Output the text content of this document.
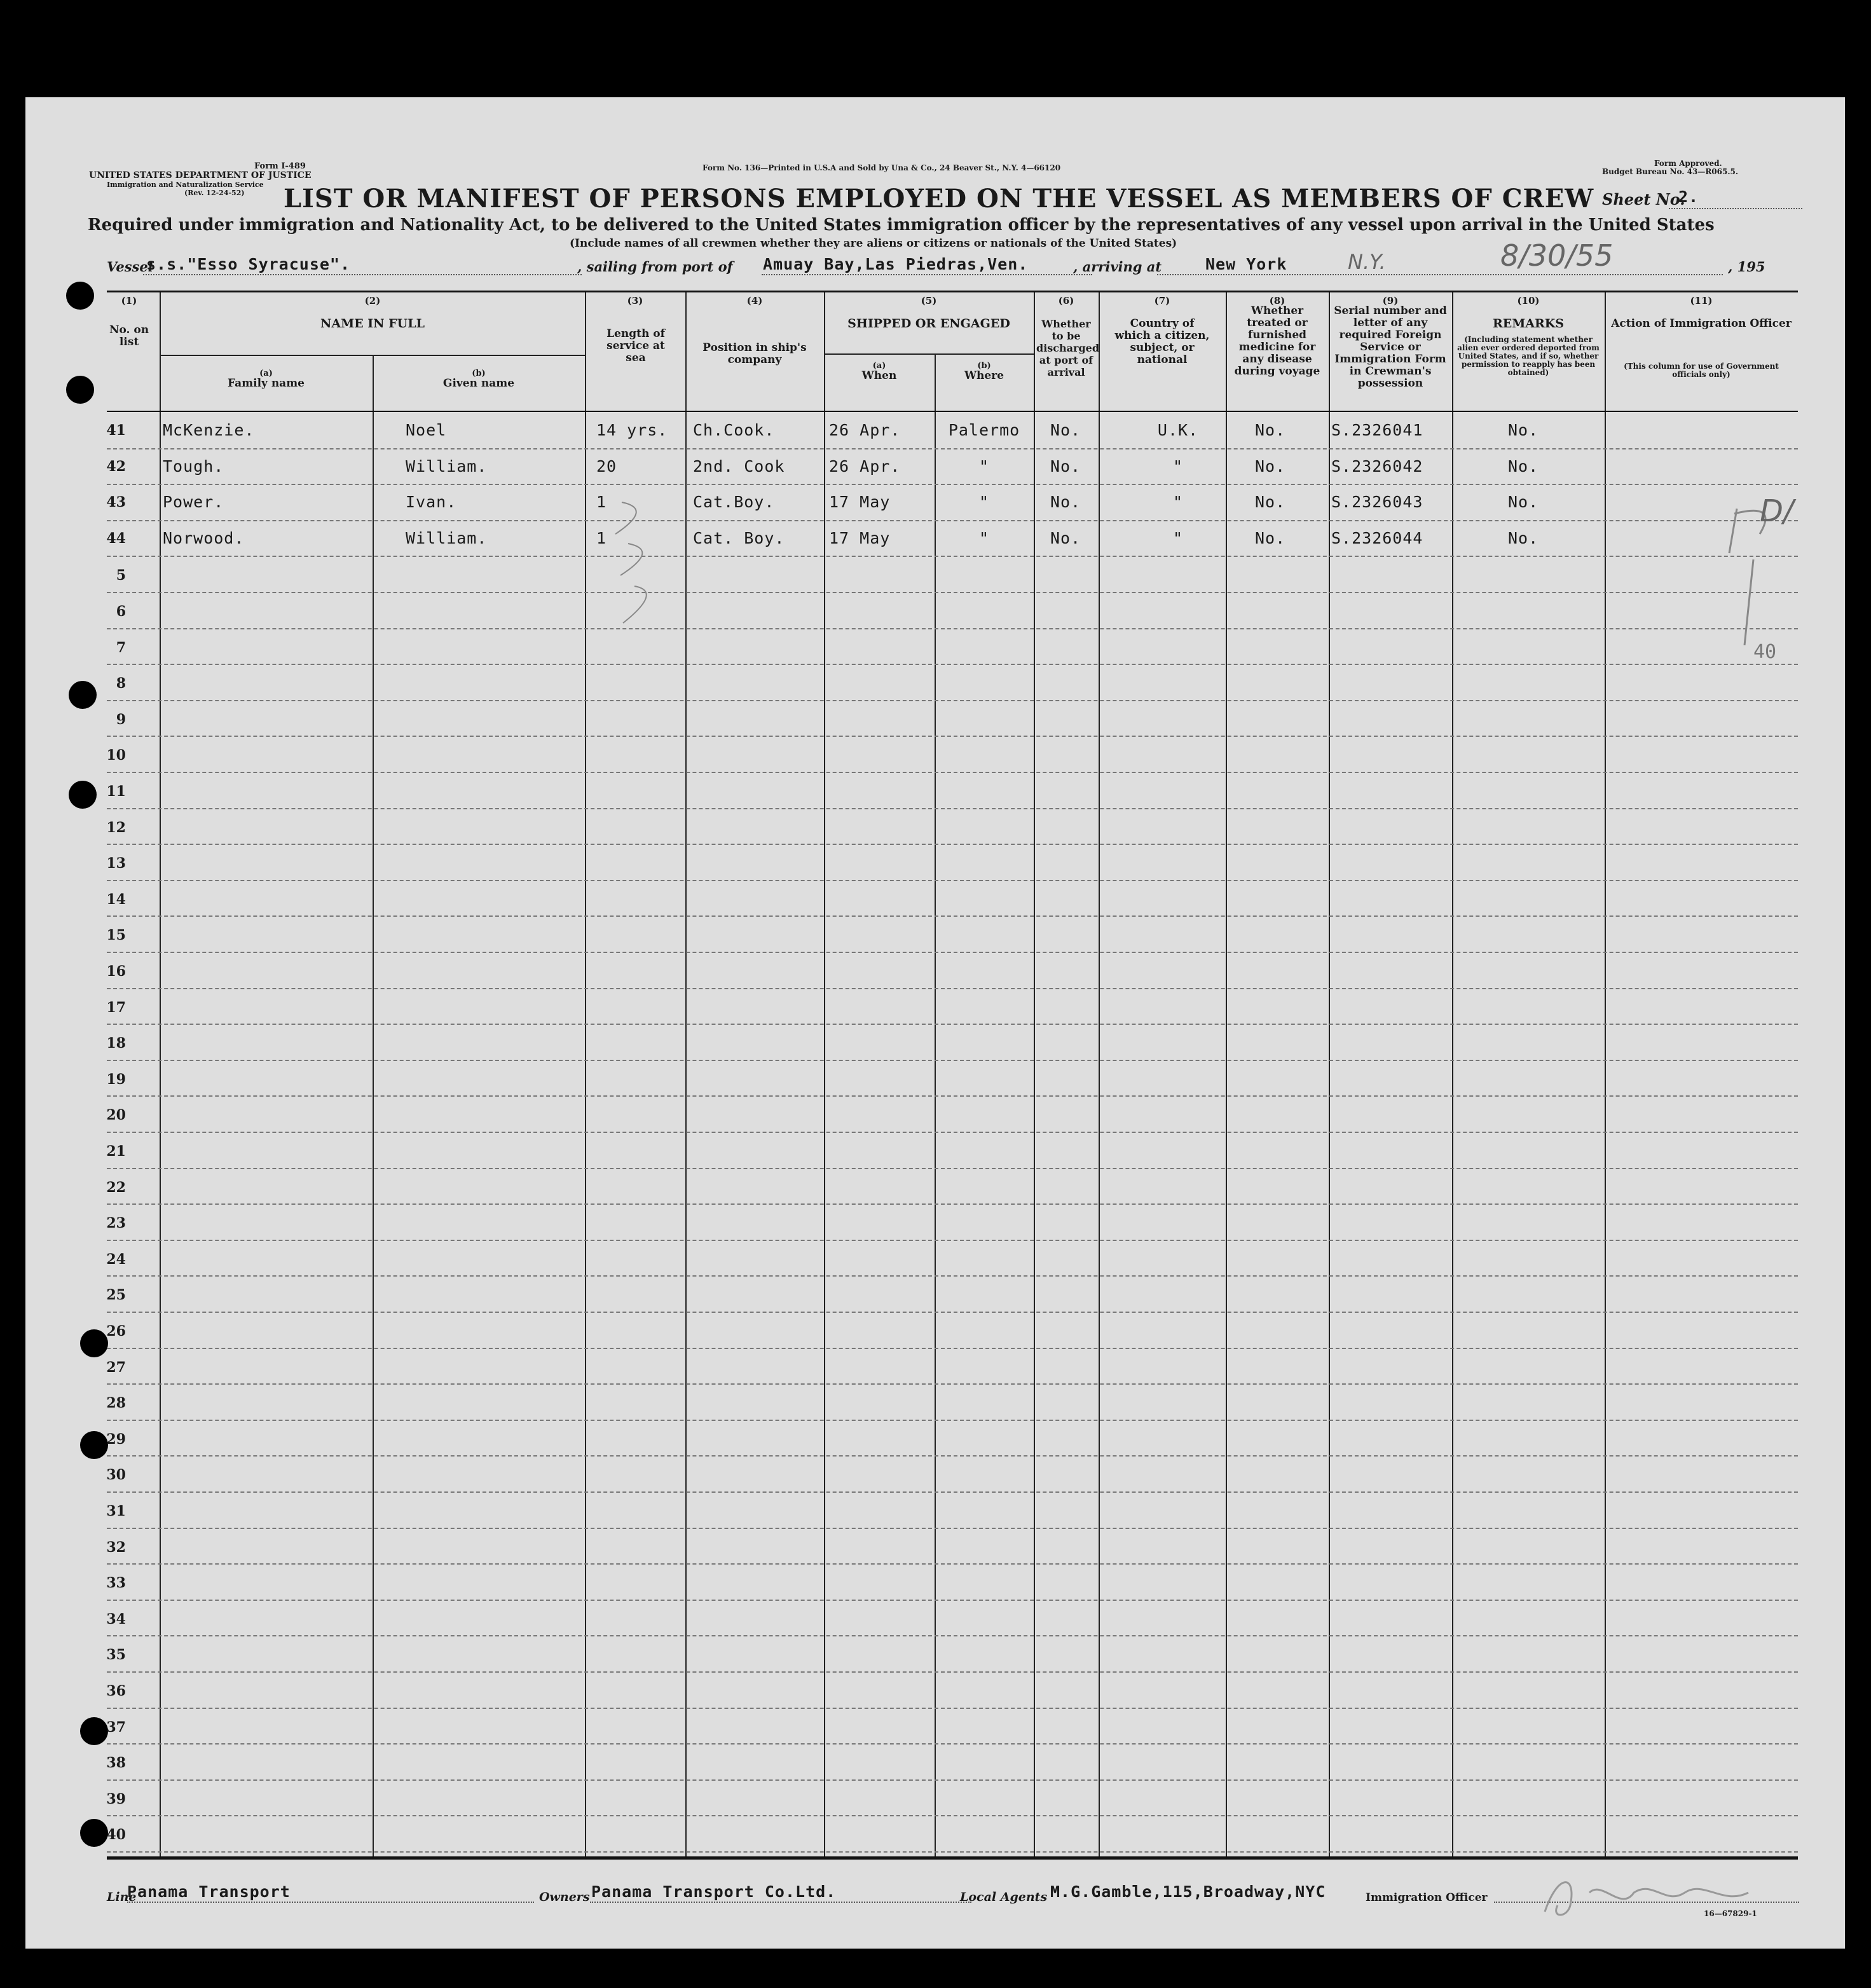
Form I-489
UNITED STATES DEPARTMENT OF JUSTICE
Immigration and Naturalization Service
(Rev. 12-24-52)
Form No. 136—Printed in U.S.A and Sold by Una & Co., 24 Beaver St., N.Y. 4—66120	Form Approved.
Budget Bureau No. 43—R065.5.
LIST OR MANIFEST OF PERSONS EMPLOYED ON THE VESSEL AS MEMBERS OF CREW Sheet No.
2.
Required under immigration and Nationality Act, to be delivered to the United States immigration officer by the representatives of any vessel upon arrival in the United States
(Include names of all crewmen whether they are aliens or citizens or nationals of the United States)
Vessel
s.s."Esso Syracuse".	, sailing from port of Amuay Bay,Las Piedras,Ven.	, arriving at	New York	N.Y.	8/30/55	, 195
(1)	(2)	(3)	(4)	(5)	(6)	(7)	(8)	(9)	(10)	(11)
No. on list
NAME IN FULL
(a)
Family name
(b)
Given name
Length of service at sea
Position in ship's company
SHIPPED OR ENGAGED
(a)
When
(b)
Where
Whether to be discharged at port of arrival
Country of which a citizen, subject, or national
Whether treated or furnished medicine for any disease during voyage
Serial number and letter of any required Foreign Service or Immigration Form in Crewman's possession
REMARKS
(Including statement whether alien ever ordered deported from United States, and if so, whether permission to reapply has been obtained)
Action of Immigration Officer
(This column for use of Government officials only)
41 McKenzie.	Noel	14 yrs. Ch.Cook.	26 Apr.	Palermo	No.	U.K.	No.	S.2326041	No.
42 Tough.	William.	20	2nd. Cook	26 Apr.	"	No.	"	No.	S.2326042	No.
43 Power.	Ivan.	1	Cat.Boy.	17 May	"	No.	"	No.	S.2326043	No.
44 Norwood.	William.	1	Cat. Boy.	17 May	"	No.	"	No.	S.2326044	No.
5
6
7
8
9
10
11
12
13
14
15
16
17
18
19
20
21
22
23
24
25
26
27
28
29
30
31
32
33
34
35
36
37
38
39
40
D/
40
Line
Panama Transport	Owners Panama Transport Co.Ltd.	Local Agents M.G.Gamble,115,Broadway,NYC	Immigration Officer
16—67829-1
